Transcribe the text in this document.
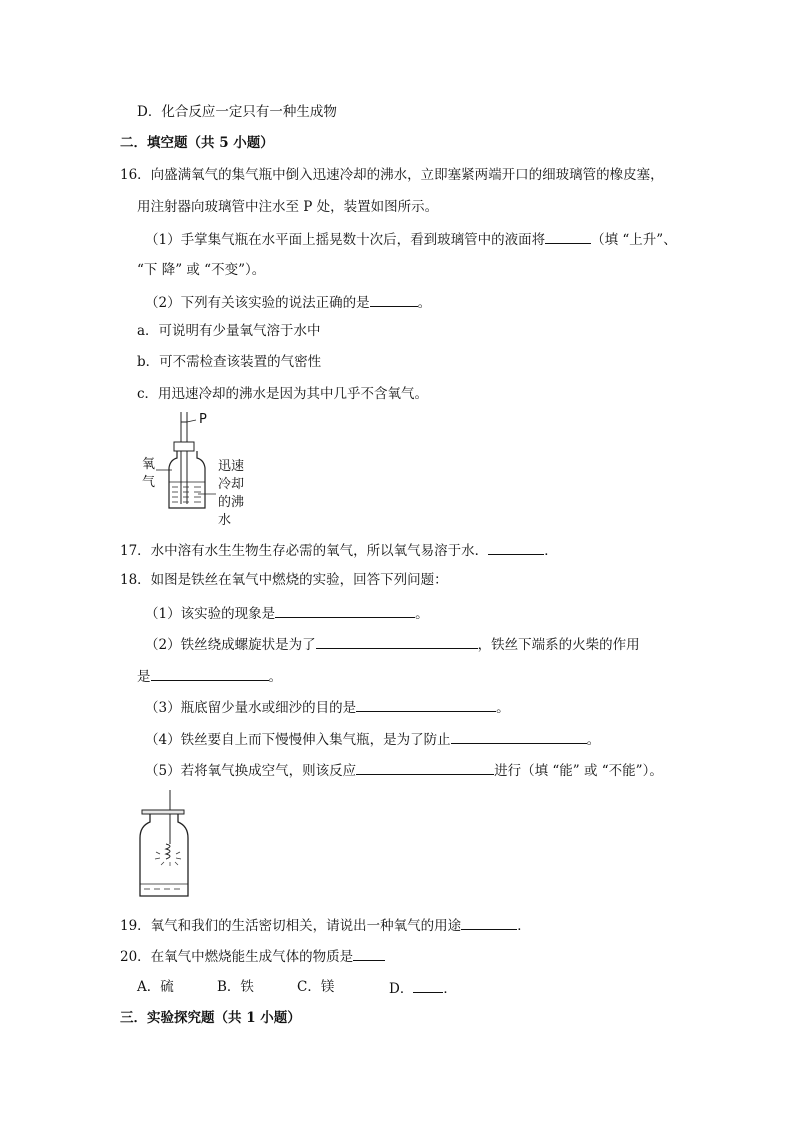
D．化合反应一定只有一种生成物
二．填空题（共 5 小题）
16．向盛满氧气的集气瓶中倒入迅速冷却的沸水，立即塞紧两端开口的细玻璃管的橡皮塞，
用注射器向玻璃管中注水至 P 处，装置如图所示。
（1）手掌集气瓶在水平面上摇晃数十次后，看到玻璃管中的液面将	（填 “上升”、
“下 降” 或 “不变”）。
（2）下列有关该实验的说法正确的是	。
a．可说明有少量氧气溶于水中
b．可不需检查该装置的气密性
c．用迅速冷却的沸水是因为其中几乎不含氧气。
P
氧
气
迅速
冷却
的沸
水
17．水中溶有水生生物生存必需的氧气，所以氧气易溶于水．	．
18．如图是铁丝在氧气中燃烧的实验，回答下列问题：
（1）该实验的现象是	。
（2）铁丝绕成螺旋状是为了	，铁丝下端系的火柴的作用
是	。
（3）瓶底留少量水或细沙的目的是	。
（4）铁丝要自上而下慢慢伸入集气瓶，是为了防止	。
（5）若将氧气换成空气，则该反应	进行（填 “能” 或 “不能”）。
19．氧气和我们的生活密切相关，请说出一种氧气的用途	．
20．在氧气中燃烧能生成气体的物质是
A．硫	B．铁	C．镁	D． ．
三．实验探究题（共 1 小题）
